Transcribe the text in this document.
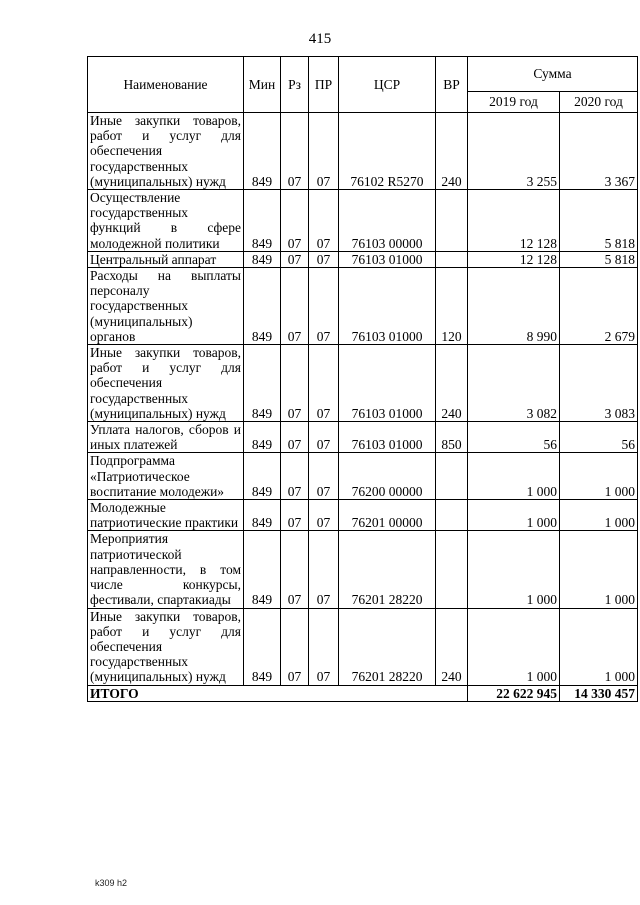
415
Наименование	Мин	Рз	ПР	ЦСР	ВР	Сумма	
						2019 год	2020 год
Иные закупки товаров, работ и услуг для обеспечения государственных (муниципальных) нужд	849	07	07	76102 R5270	240	3 255	3 367
Осуществление государственных функций в сфере молодежной политики	849	07	07	76103 00000		12 128	5 818
Центральный аппарат	849	07	07	76103 01000		12 128	5 818
Расходы на выплаты персоналу государственных (муниципальных) органов	849	07	07	76103 01000	120	8 990	2 679
Иные закупки товаров, работ и услуг для обеспечения государственных (муниципальных) нужд	849	07	07	76103 01000	240	3 082	3 083
Уплата налогов, сборов и иных платежей	849	07	07	76103 01000	850	56	56
Подпрограмма «Патриотическое воспитание молодежи»	849	07	07	76200 00000		1 000	1 000
Молодежные патриотические практики	849	07	07	76201 00000		1 000	1 000
Мероприятия патриотической направленности, в том числе конкурсы, фестивали, спартакиады	849	07	07	76201 28220		1 000	1 000
Иные закупки товаров, работ и услуг для обеспечения государственных (муниципальных) нужд	849	07	07	76201 28220	240	1 000	1 000
ИТОГО						22 622 945	14 330 457
k309 h2
